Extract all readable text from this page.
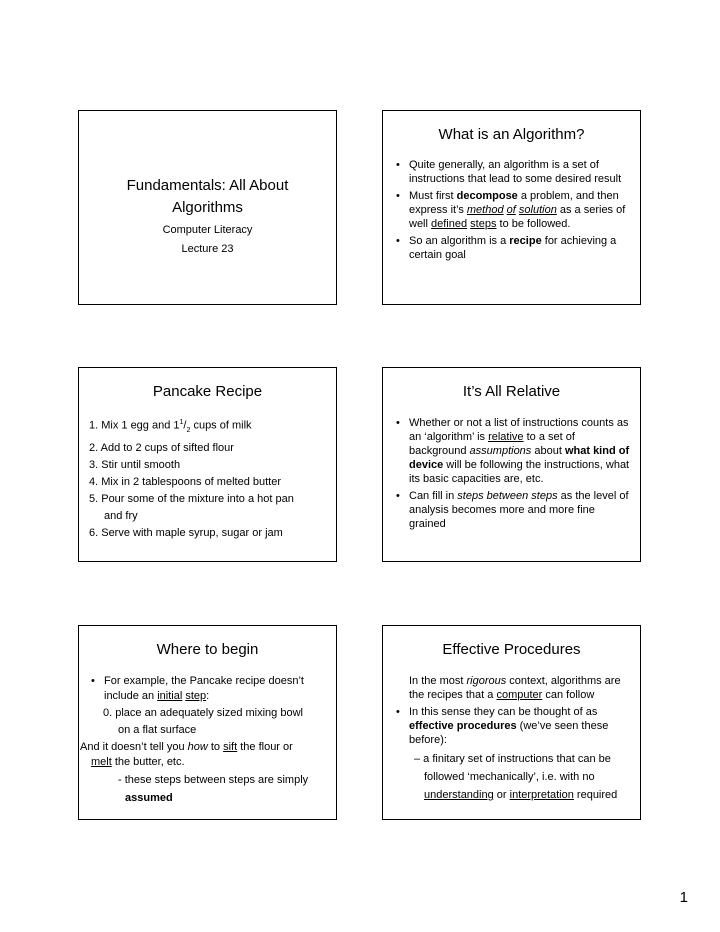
Fundamentals: All About
Algorithms
Computer Literacy
Lecture 23
What is an Algorithm?
• Quite generally, an algorithm is a set of instructions that lead to some desired result
• Must first decompose a problem, and then express it’s method of solution as a series of well defined steps to be followed.
• So an algorithm is a recipe for achieving a certain goal
Pancake Recipe
1. Mix 1 egg and $1^1/_2$ cups of milk
2. Add to 2 cups of sifted flour
3. Stir until smooth
4. Mix in 2 tablespoons of melted butter
5. Pour some of the mixture into a hot pan
and fry
6. Serve with maple syrup, sugar or jam
It’s All Relative
• Whether or not a list of instructions counts as an ‘algorithm’ is relative to a set of background assumptions about what kind of device will be following the instructions, what its basic capacities are, etc.
• Can fill in steps between steps as the level of analysis becomes more and more fine grained
Where to begin
• For example, the Pancake recipe doesn’t include an initial step:
0. place an adequately sized mixing bowl
on a flat surface
And it doesn’t tell you how to sift the flour or
melt the butter, etc.
- these steps between steps are simply
assumed
Effective Procedures
In the most rigorous context, algorithms are the recipes that a computer can follow
• In this sense they can be thought of as effective procedures (we’ve seen these before):
– a finitary set of instructions that can be
followed ‘mechanically’, i.e. with no
understanding or interpretation required
1
